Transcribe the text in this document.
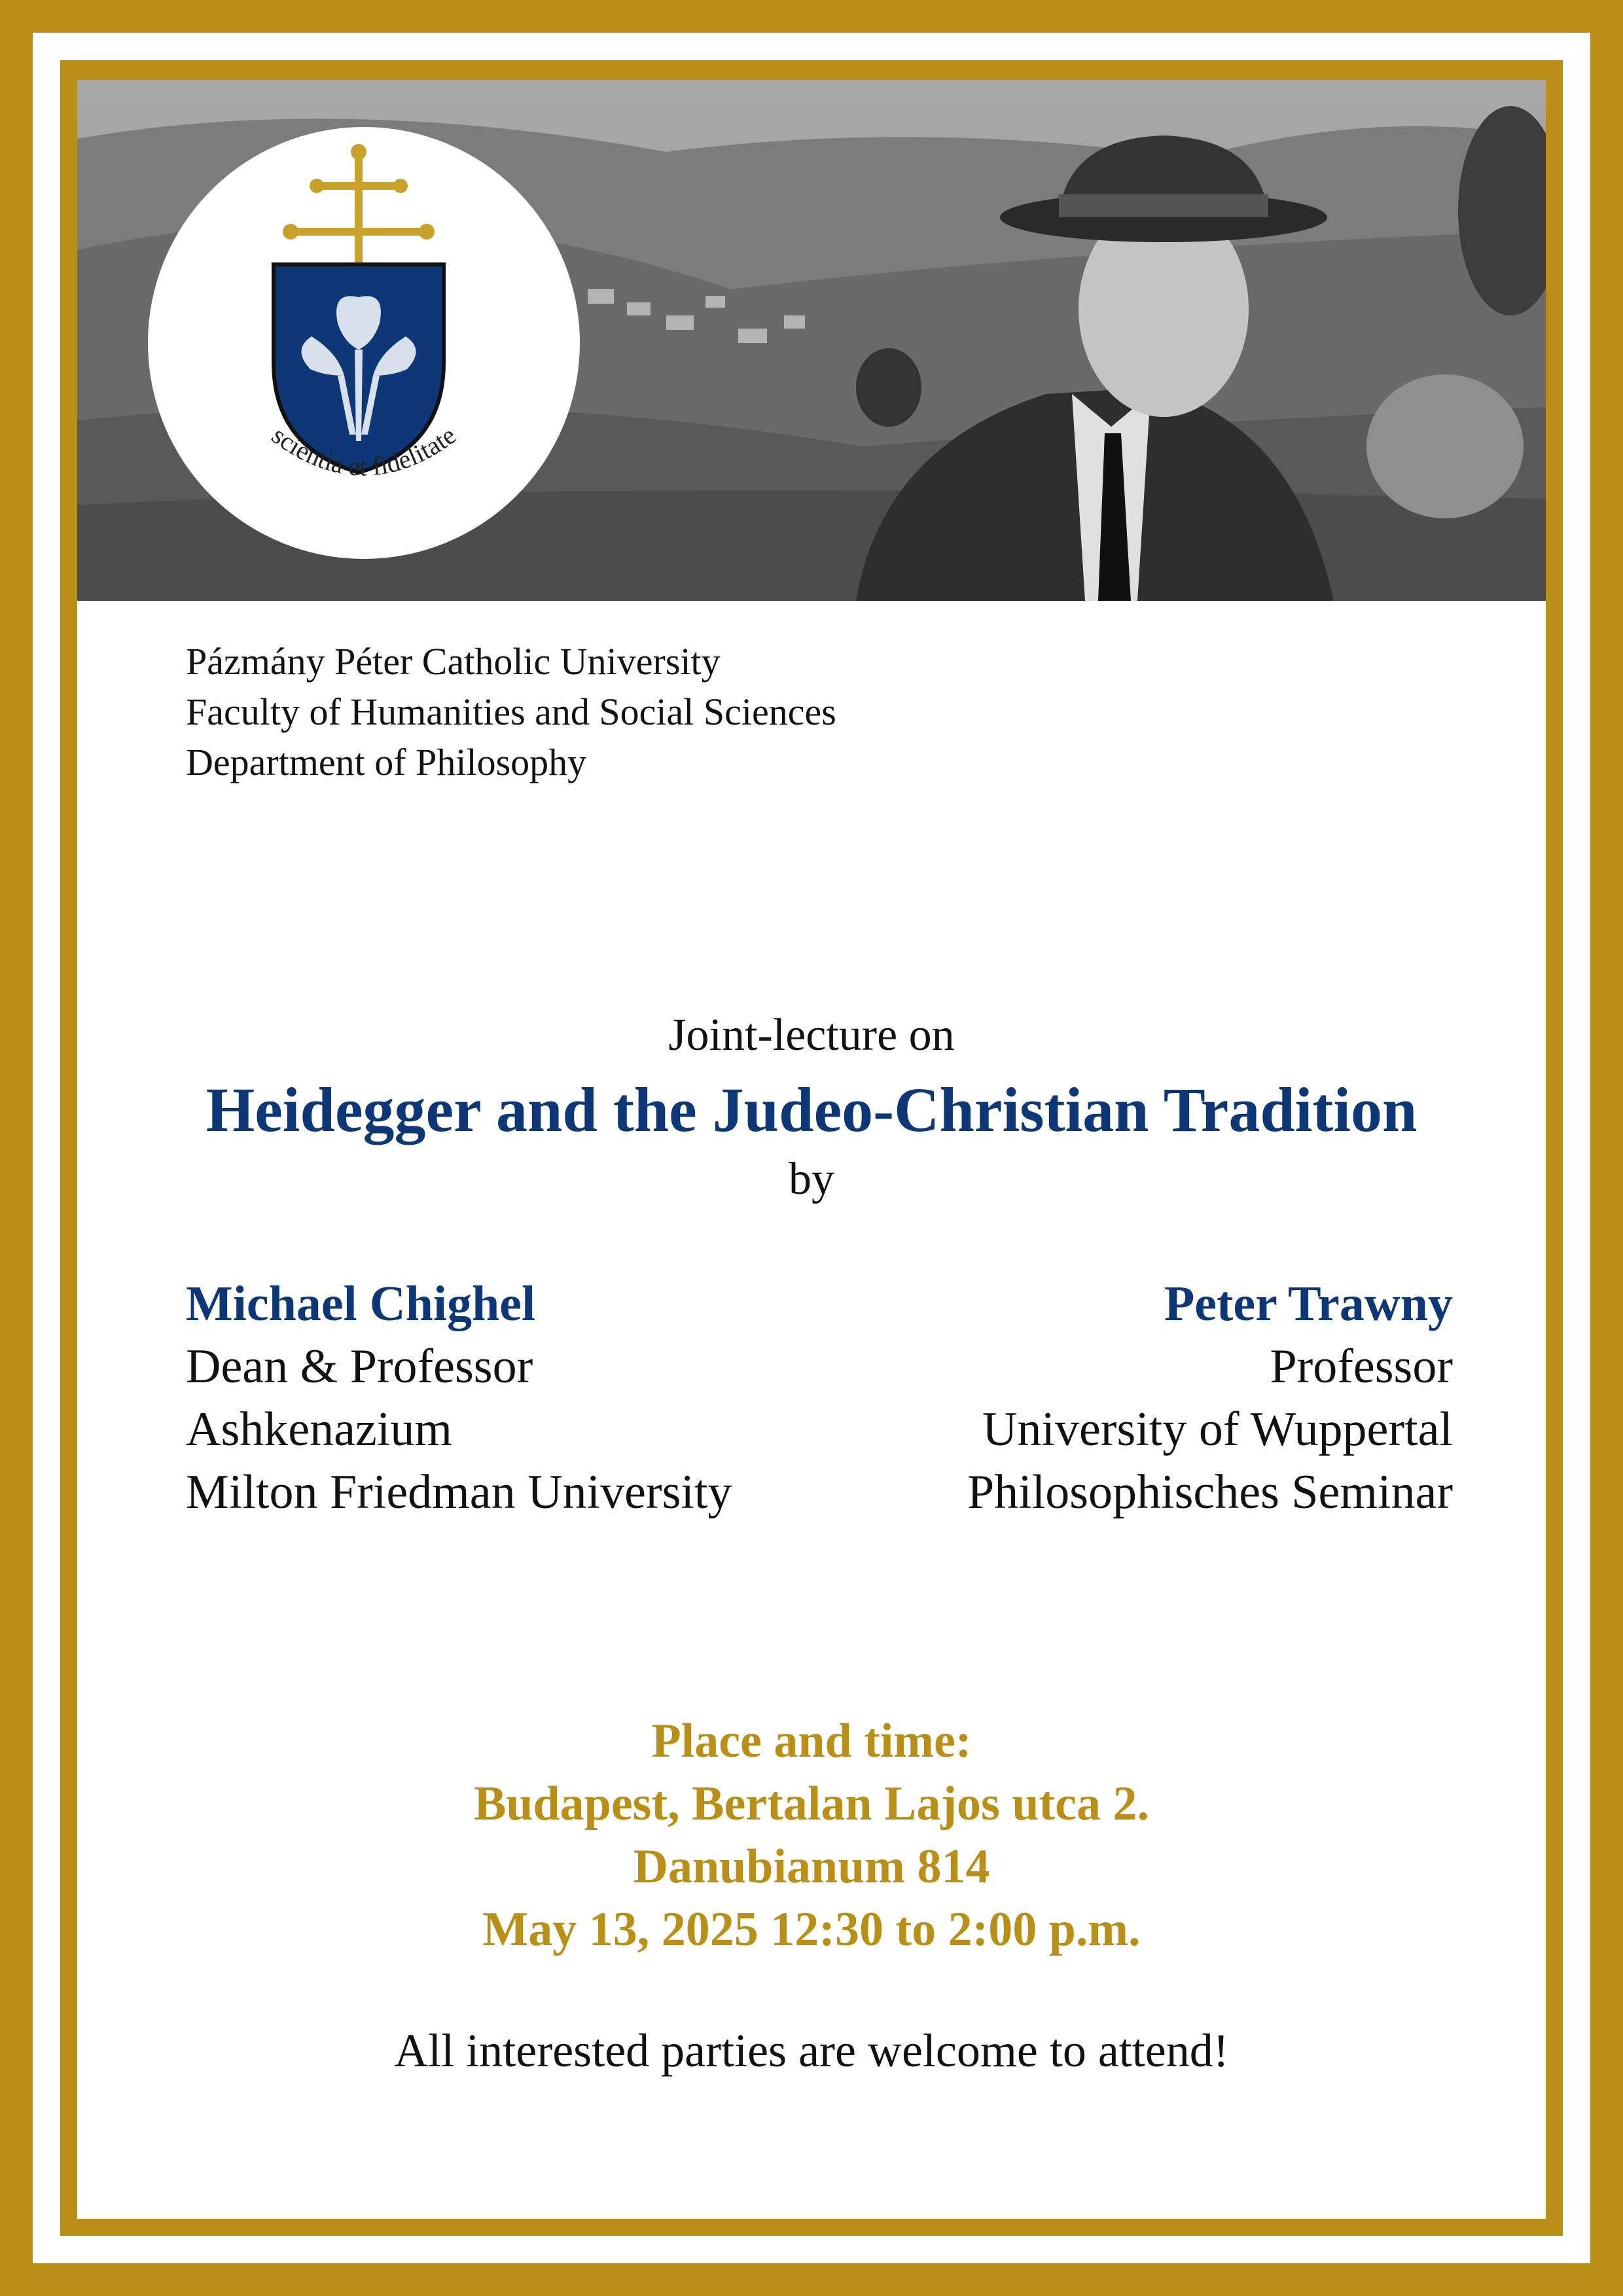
scientia et fidelitate
Pázmány Péter Catholic University
Faculty of Humanities and Social Sciences
Department of Philosophy
Joint-lecture on
Heidegger and the Judeo-Christian Tradition
by
Michael Chighel
Dean & Professor
Ashkenazium
Milton Friedman University
Peter Trawny
Professor
University of Wuppertal
Philosophisches Seminar
Place and time:
Budapest, Bertalan Lajos utca 2.
Danubianum 814
May 13, 2025 12:30 to 2:00 p.m.
All interested parties are welcome to attend!
